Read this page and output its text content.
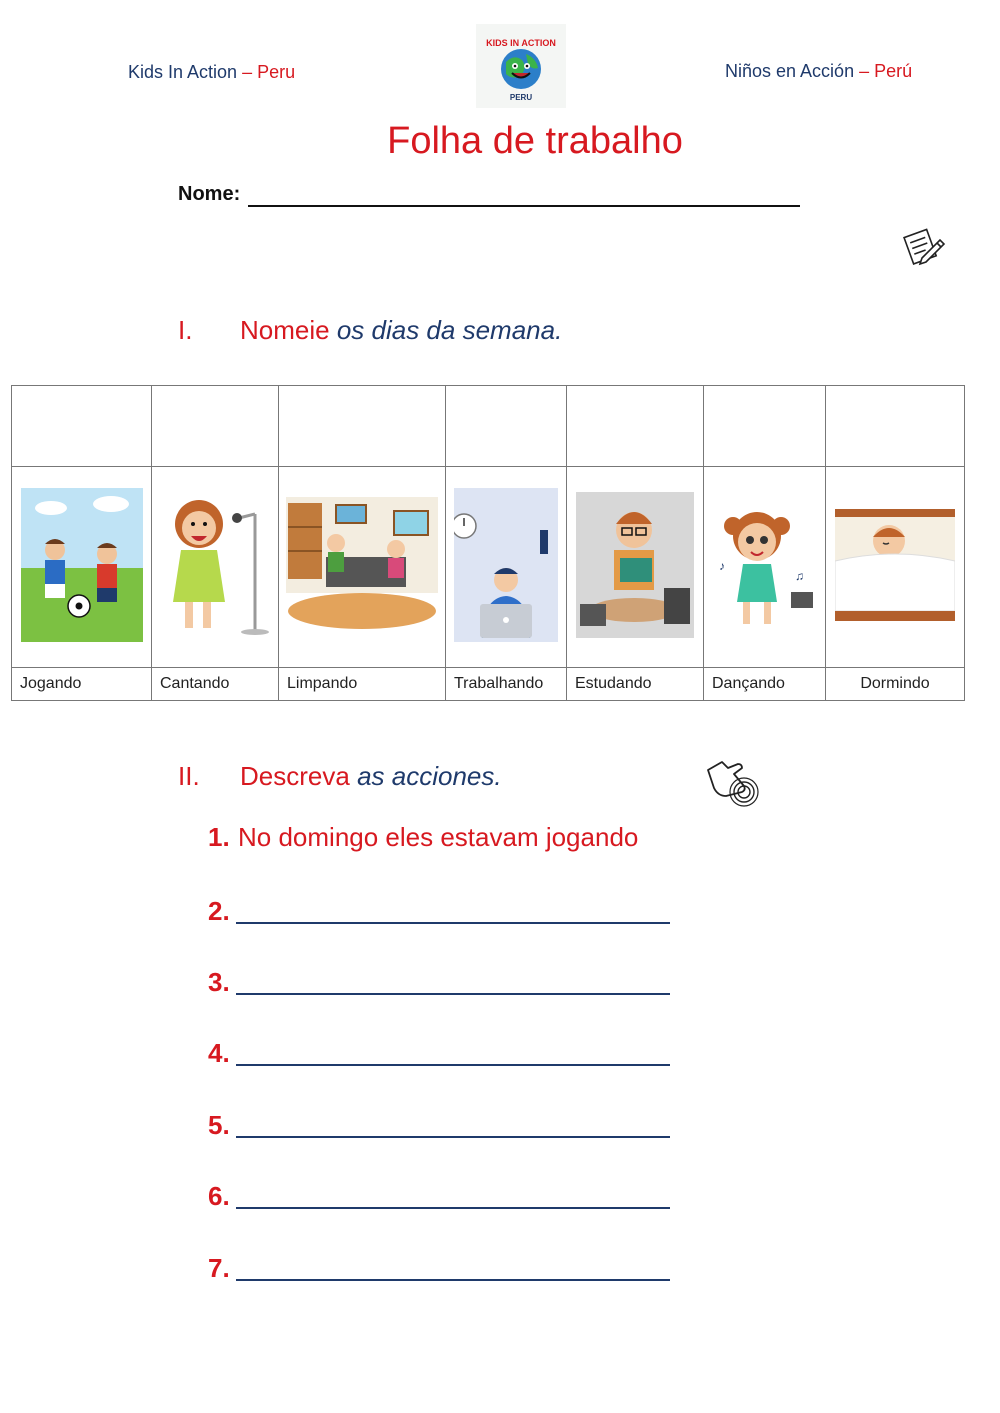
Kids In Action – Peru
KIDS IN ACTION
PERU
Niños en Acción – Perú
Folha de trabalho
Nome:
I. Nomeie os dias da semana.

♪
♫

Jogando	Cantando	Limpando	Trabalhando	Estudando	Dançando	Dormindo
II. Descreva as acciones.
1. No domingo eles estavam jogando
2.
3.
4.
5.
6.
7.
